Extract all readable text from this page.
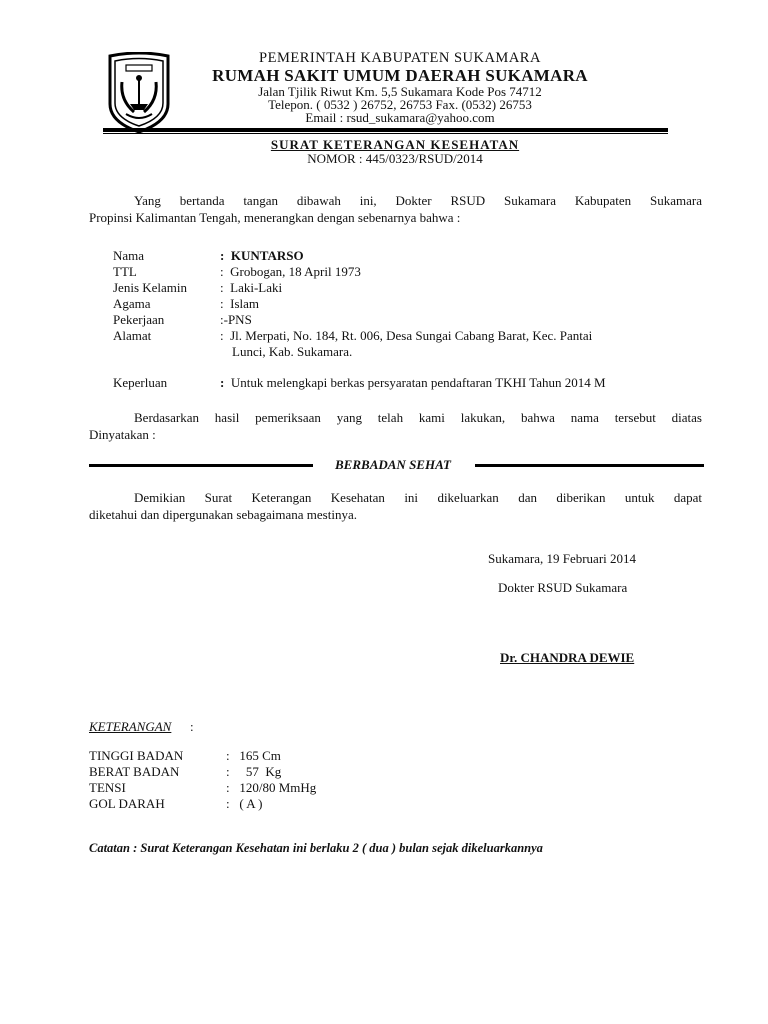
PEMERINTAH KABUPATEN SUKAMARA
RUMAH SAKIT UMUM DAERAH SUKAMARA
Jalan Tjilik Riwut Km. 5,5 Sukamara Kode Pos 74712
Telepon. ( 0532 ) 26752, 26753 Fax. (0532) 26753
Email : rsud_sukamara@yahoo.com
SURAT KETERANGAN KESEHATAN
NOMOR : 445/0323/RSUD/2014
Yang bertanda tangan dibawah ini, Dokter RSUD Sukamara Kabupaten Sukamara
Propinsi Kalimantan Tengah, menerangkan dengan sebenarnya bahwa :
Nama	:  KUNTARSO
TTL	:  Grobogan, 18 April 1973
Jenis Kelamin	:  Laki-Laki
Agama	:  Islam
Pekerjaan	:-PNS
Alamat	:  Jl. Merpati, No. 184, Rt. 006, Desa Sungai Cabang Barat, Kec. Pantai
Lunci, Kab. Sukamara.
Keperluan	: Untuk melengkapi berkas persyaratan pendaftaran TKHI Tahun 2014 M
Berdasarkan hasil pemeriksaan yang telah kami lakukan, bahwa nama tersebut diatas
Dinyatakan :
BERBADAN SEHAT
Demikian Surat Keterangan Kesehatan ini dikeluarkan dan diberikan untuk dapat
diketahui dan dipergunakan sebagaimana mestinya.
Sukamara, 19 Februari 2014
Dokter RSUD Sukamara
Dr. CHANDRA DEWIE
KETERANGAN :
TINGGI BADAN	:   165 Cm
BERAT BADAN	:     57  Kg
TENSI	:   120/80 MmHg
GOL DARAH	:   ( A )
Catatan : Surat Keterangan Kesehatan ini berlaku 2 ( dua ) bulan sejak dikeluarkannya
